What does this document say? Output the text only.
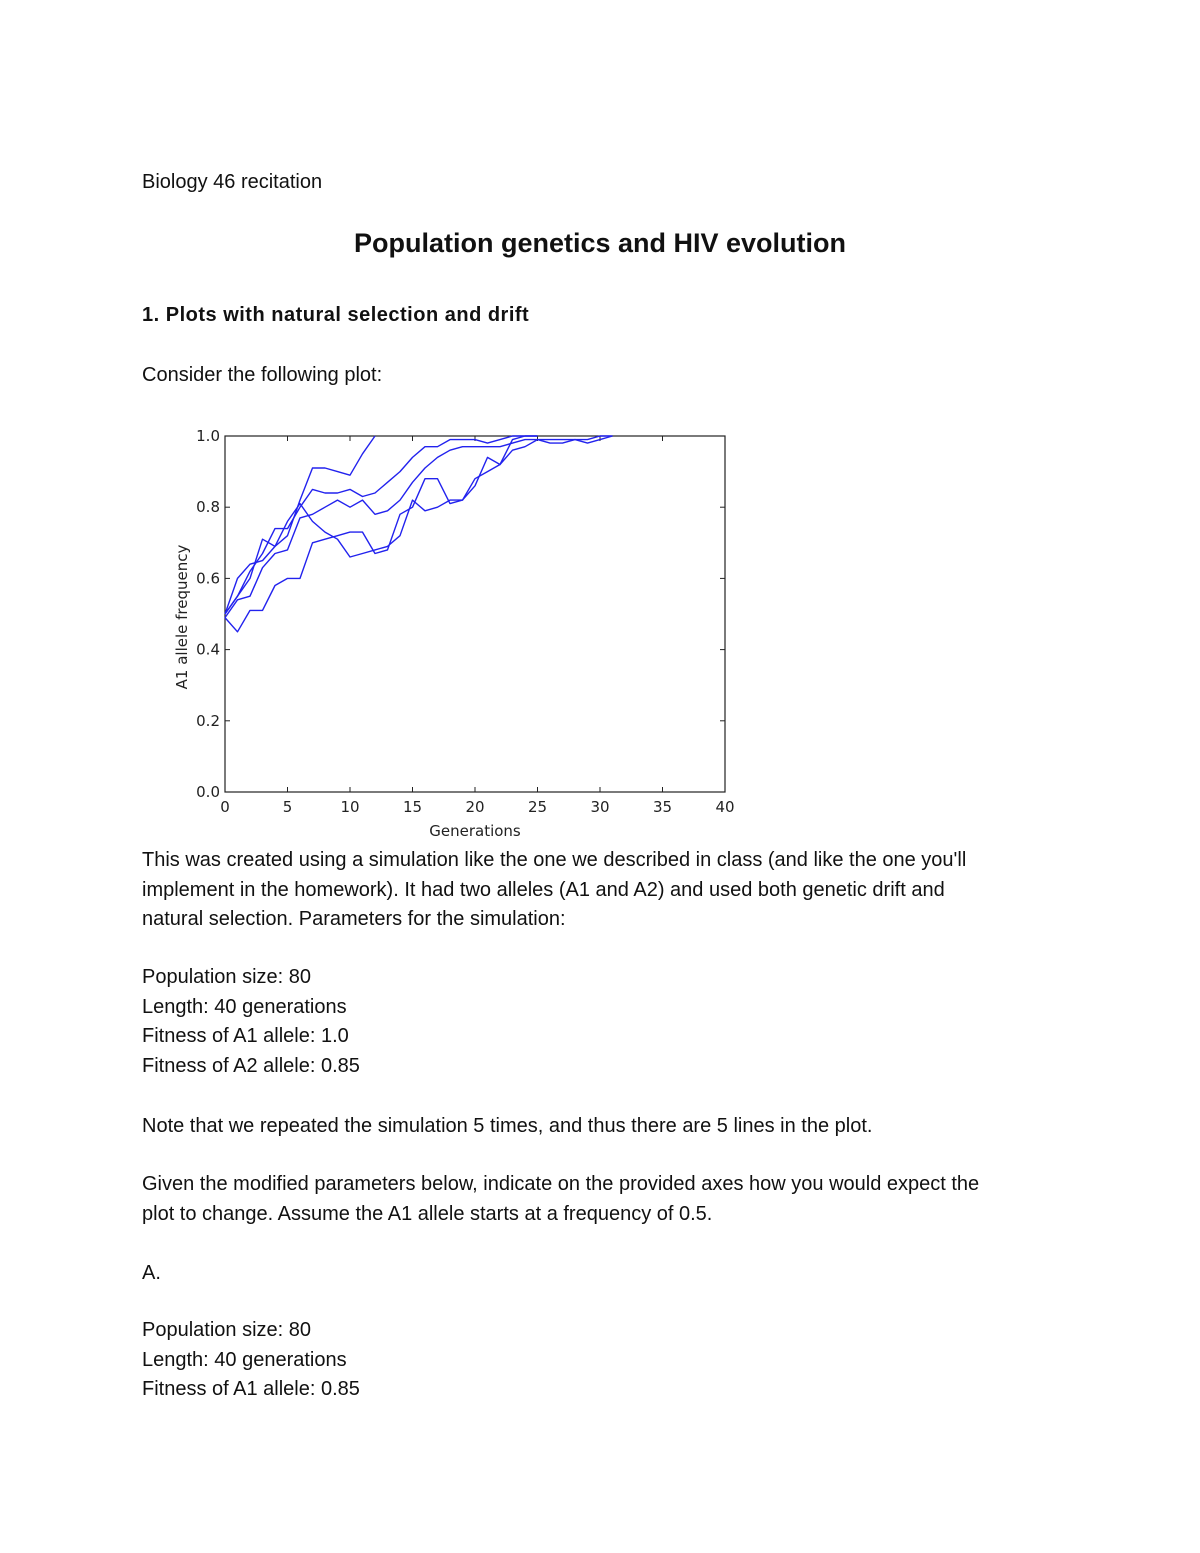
Biology 46 recitation
Population genetics and HIV evolution
1. Plots with natural selection and drift
Consider the following plot:
0	5	10	15	20	25	30	35	40
0.0
0.2
0.4
0.6
0.8
1.0
Generations
A1 allele frequency
This was created using a simulation like the one we described in class (and like the one you'll
implement in the homework). It had two alleles (A1 and A2) and used both genetic drift and
natural selection. Parameters for the simulation:
Population size: 80
Length: 40 generations
Fitness of A1 allele: 1.0
Fitness of A2 allele: 0.85
Note that we repeated the simulation 5 times, and thus there are 5 lines in the plot.
Given the modified parameters below, indicate on the provided axes how you would expect the
plot to change. Assume the A1 allele starts at a frequency of 0.5.
A.
Population size: 80
Length: 40 generations
Fitness of A1 allele: 0.85
